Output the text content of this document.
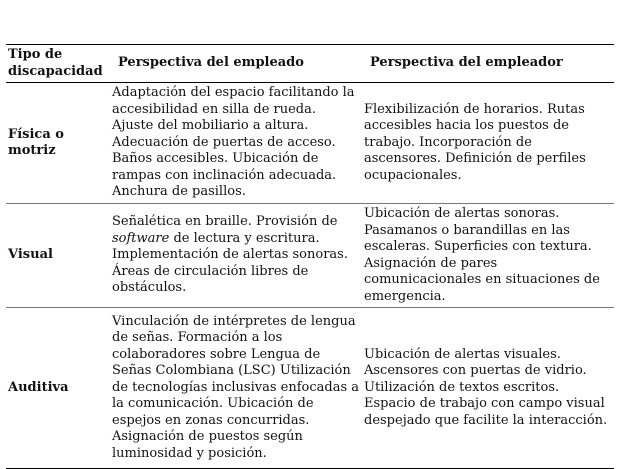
Tipo de discapacidad	Perspectiva del empleado	Perspectiva del empleador
Física o motriz	Adaptación del espacio facilitando la accesibilidad en silla de rueda. Ajuste del mobiliario a altura. Adecuación de puertas de acceso. Baños accesibles. Ubicación de rampas con inclinación adecuada. Anchura de pasillos.	Flexibilización de horarios. Rutas accesibles hacia los puestos de trabajo. Incorporación de ascensores. Definición de perfiles ocupacionales.
Visual	Señalética en braille. Provisión de software de lectura y escritura. Implementación de alertas sonoras. Áreas de circulación libres de obstáculos.	Ubicación de alertas sonoras. Pasamanos o barandillas en las escaleras. Superficies con textura. Asignación de pares comunicacionales en situaciones de emergencia.
Auditiva	Vinculación de intérpretes de lengua de señas. Formación a los colaboradores sobre Lengua de Señas Colombiana (LSC) Utilización de tecnologías inclusivas enfocadas a la comunicación. Ubicación de espejos en zonas concurridas. Asignación de puestos según luminosidad y posición.	Ubicación de alertas visuales. Ascensores con puertas de vidrio. Utilización de textos escritos. Espacio de trabajo con campo visual despejado que facilite la interacción.
